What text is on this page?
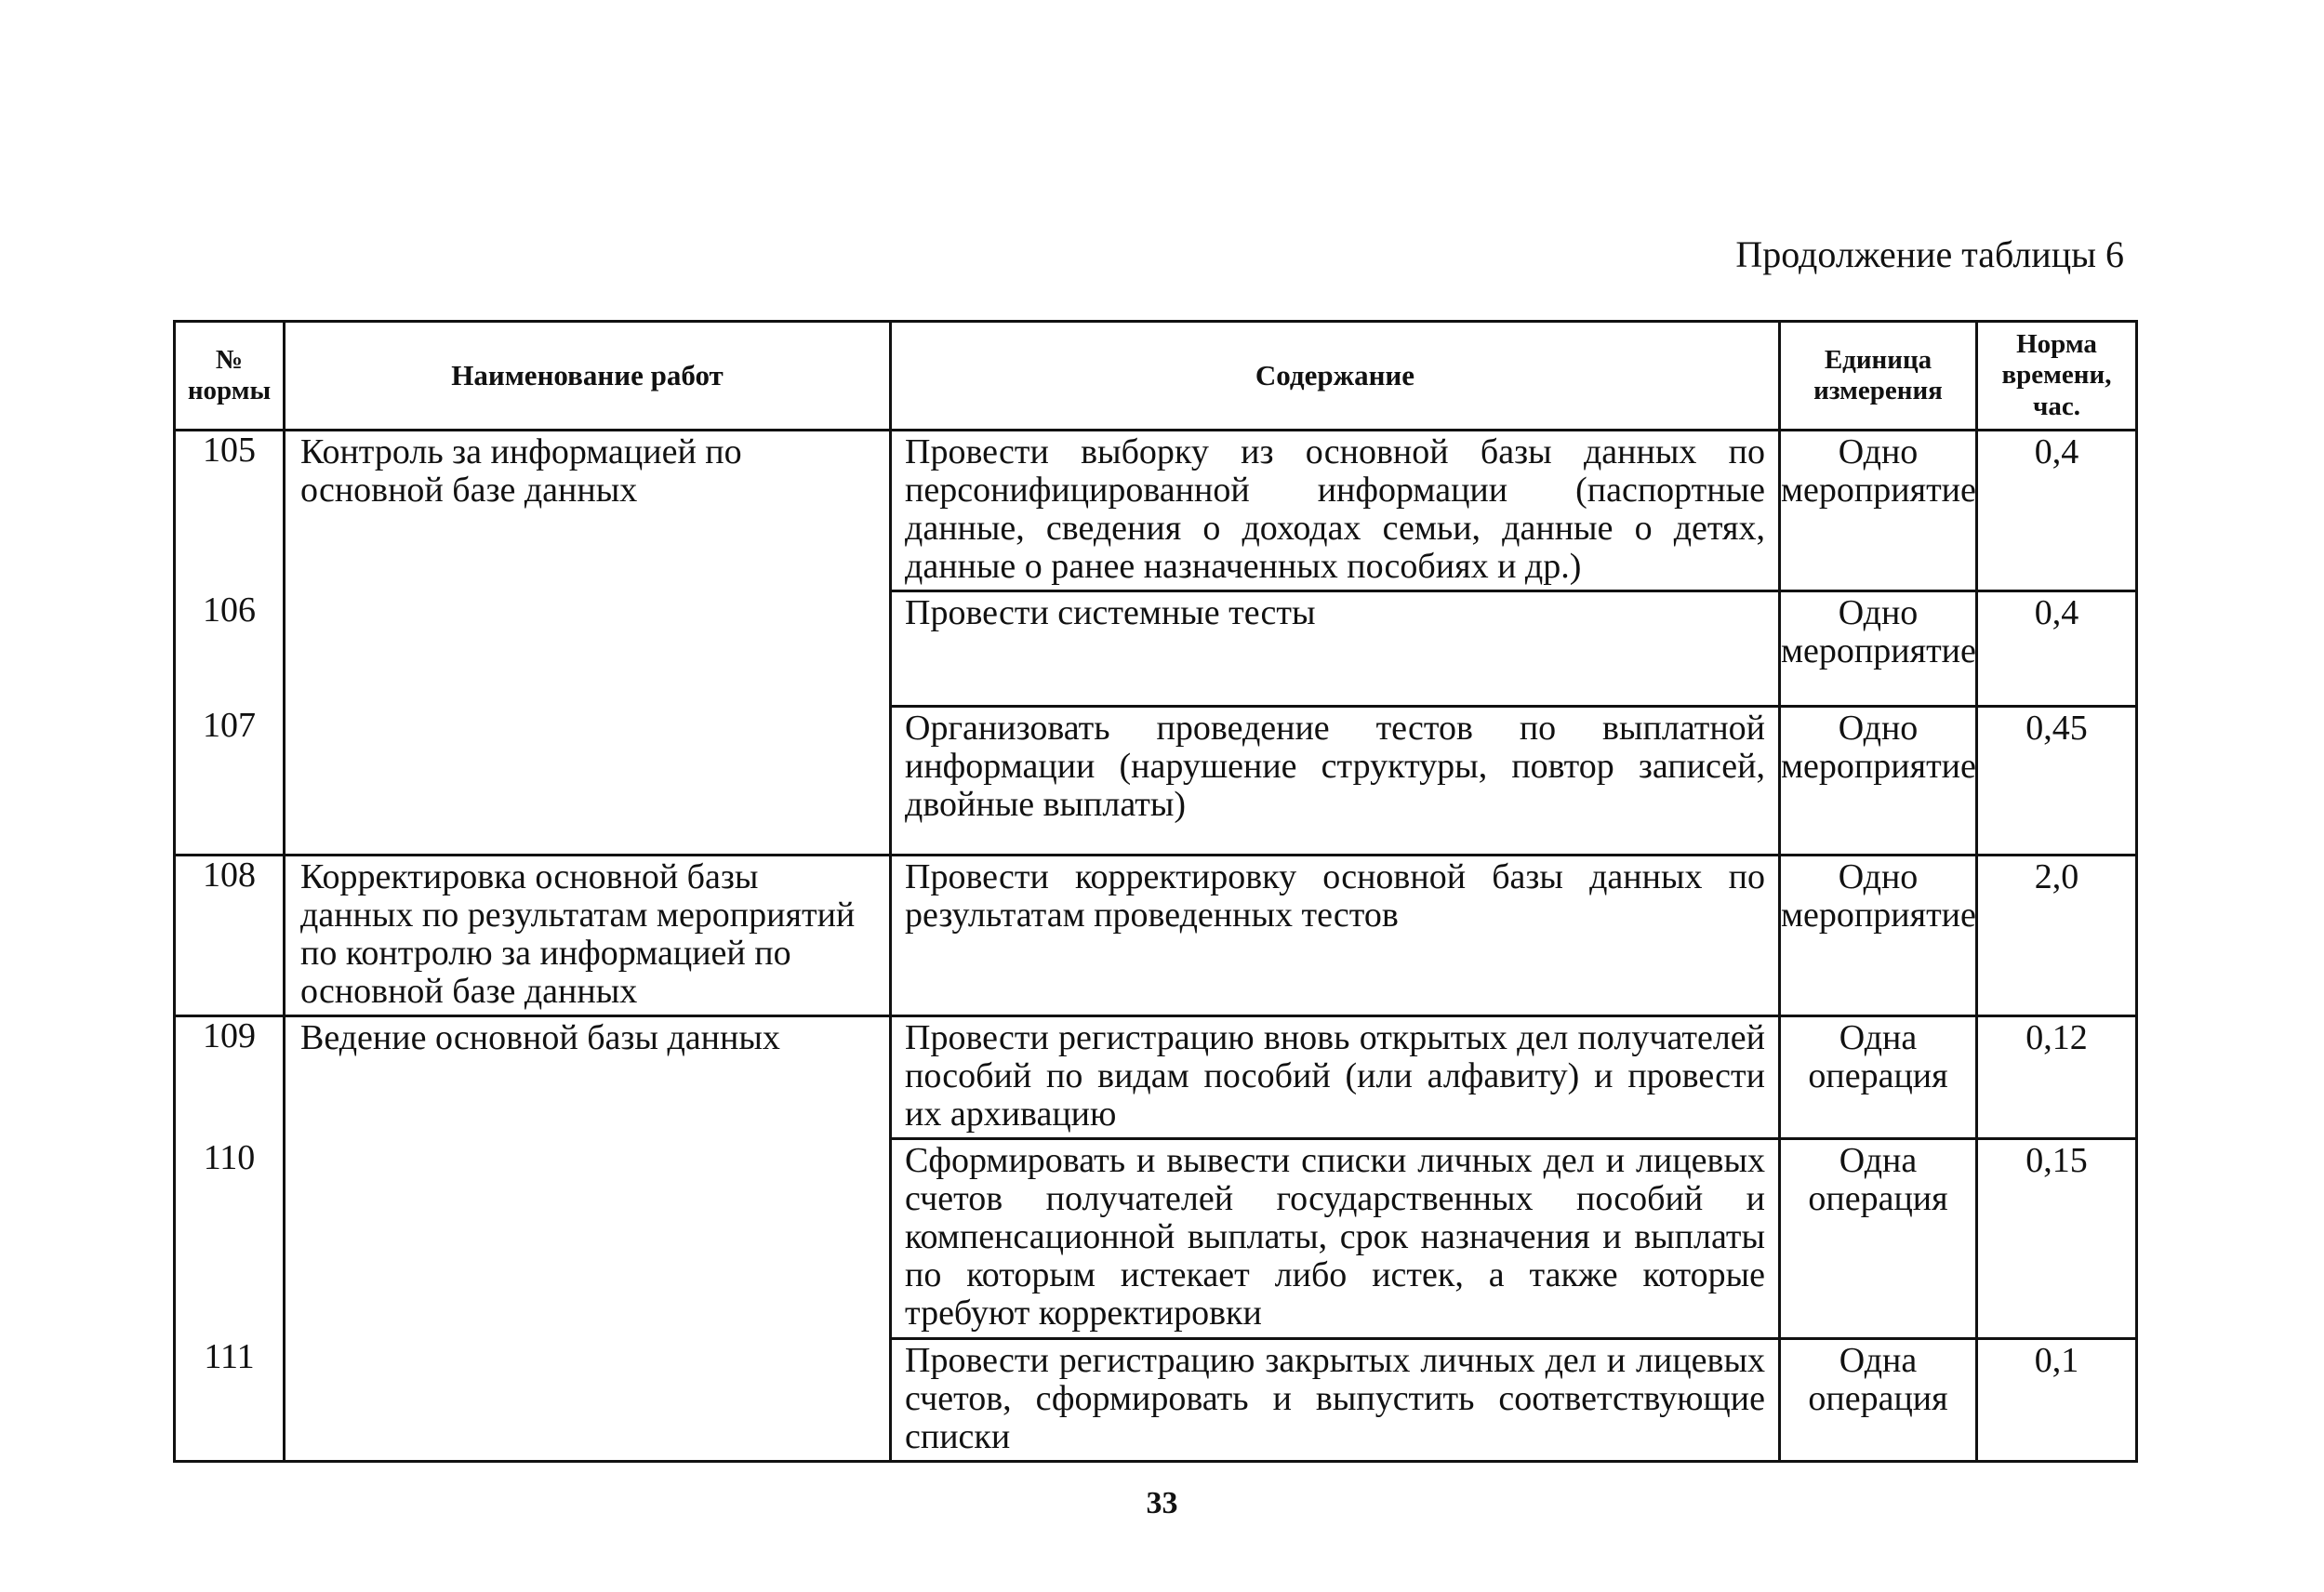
Продолжение таблицы 6
№ нормы	Наименование работ	Содержание	Единица измерения	Норма времени, час.
105	Контроль за информацией по основной базе данных	Провести выборку из основной базы данных по персонифицированной информации (паспортные данные, сведения о доходах семьи, данные о детях, данные о ранее назначенных пособиях и др.)	Одно мероприятие	0,4
106		Провести системные тесты	Одно мероприятие	0,4
107		Организовать проведение тестов по выплатной информации (нарушение структуры, повтор записей, двойные выплаты)	Одно мероприятие	0,45
108	Корректировка основной базы данных по результатам мероприятий по контролю за информацией по основной базе данных	Провести корректировку основной базы данных по результатам проведенных тестов	Одно мероприятие	2,0
109	Ведение основной базы данных	Провести регистрацию вновь открытых дел получателей пособий по видам пособий (или алфавиту) и провести их архивацию	Одна операция	0,12
110		Сформировать и вывести списки личных дел и лицевых счетов получателей государственных пособий и компенсационной выплаты, срок назначения и выплаты по которым истекает либо истек, а также которые требуют корректировки	Одна операция	0,15
111		Провести регистрацию закрытых личных дел и лицевых счетов, сформировать и выпустить соответствующие списки	Одна операция	0,1
33
